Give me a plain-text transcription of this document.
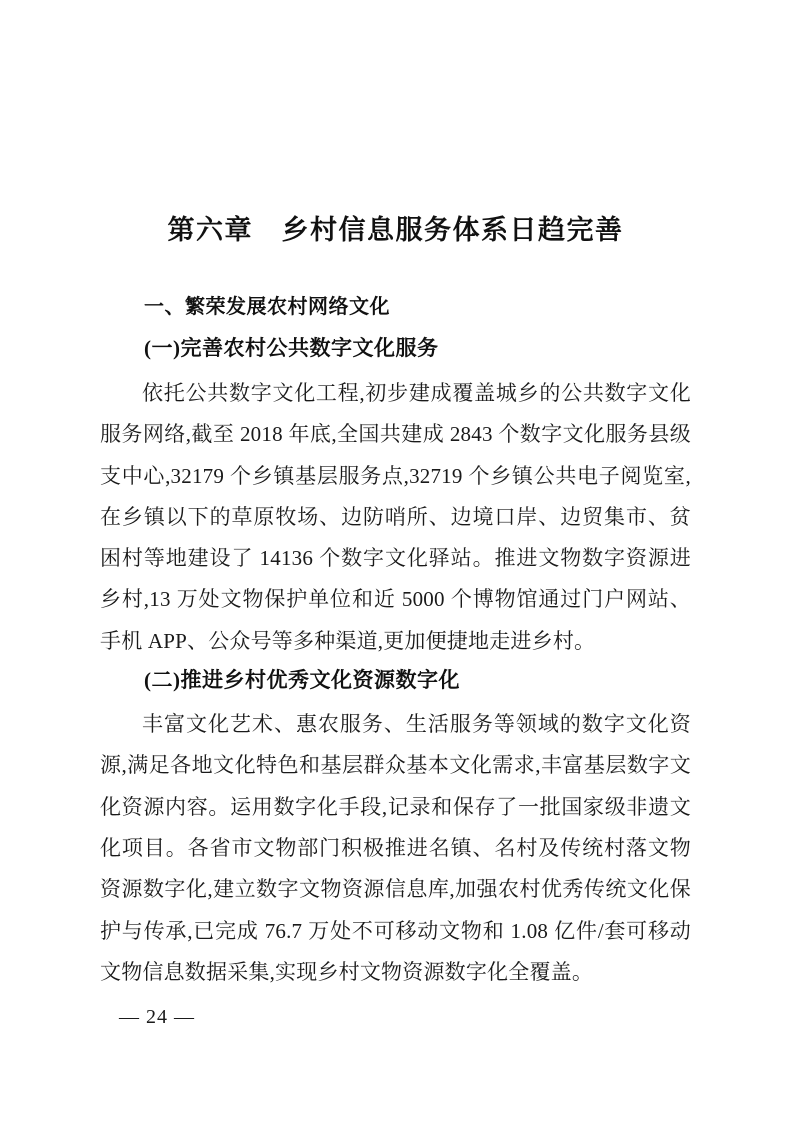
第六章　乡村信息服务体系日趋完善
一、繁荣发展农村网络文化
(一)完善农村公共数字文化服务

依托公共数字文化工程,初步建成覆盖城乡的公共数字文化服务网络,截至 2018 年底,全国共建成 2843 个数字文化服务县级支中心,32179 个乡镇基层服务点,32719 个乡镇公共电子阅览室,在乡镇以下的草原牧场、边防哨所、边境口岸、边贸集市、贫困村等地建设了 14136 个数字文化驿站。推进文物数字资源进乡村,13 万处文物保护单位和近 5000 个博物馆通过门户网站、手机 APP、公众号等多种渠道,更加便捷地走进乡村。

(二)推进乡村优秀文化资源数字化

丰富文化艺术、惠农服务、生活服务等领域的数字文化资源,满足各地文化特色和基层群众基本文化需求,丰富基层数字文化资源内容。运用数字化手段,记录和保存了一批国家级非遗文化项目。各省市文物部门积极推进名镇、名村及传统村落文物资源数字化,建立数字文物资源信息库,加强农村优秀传统文化保护与传承,已完成 76.7 万处不可移动文物和 1.08 亿件/套可移动文物信息数据采集,实现乡村文物资源数字化全覆盖。

— 24 —
